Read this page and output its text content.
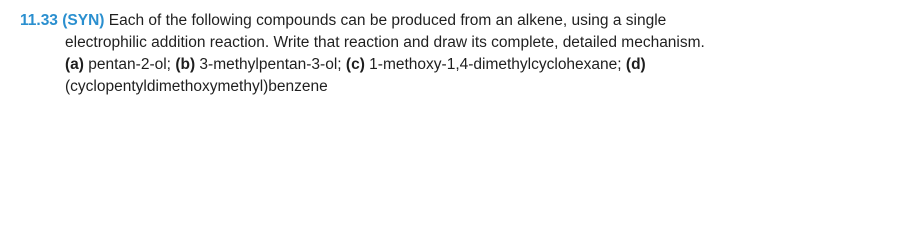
11.33 (SYN) Each of the following compounds can be produced from an alkene, using a single
electrophilic addition reaction. Write that reaction and draw its complete, detailed mechanism.
(a) pentan-2-ol; (b) 3-methylpentan-3-ol; (c) 1-methoxy-1,4-dimethylcyclohexane; (d)
(cyclopentyldimethoxymethyl)benzene
